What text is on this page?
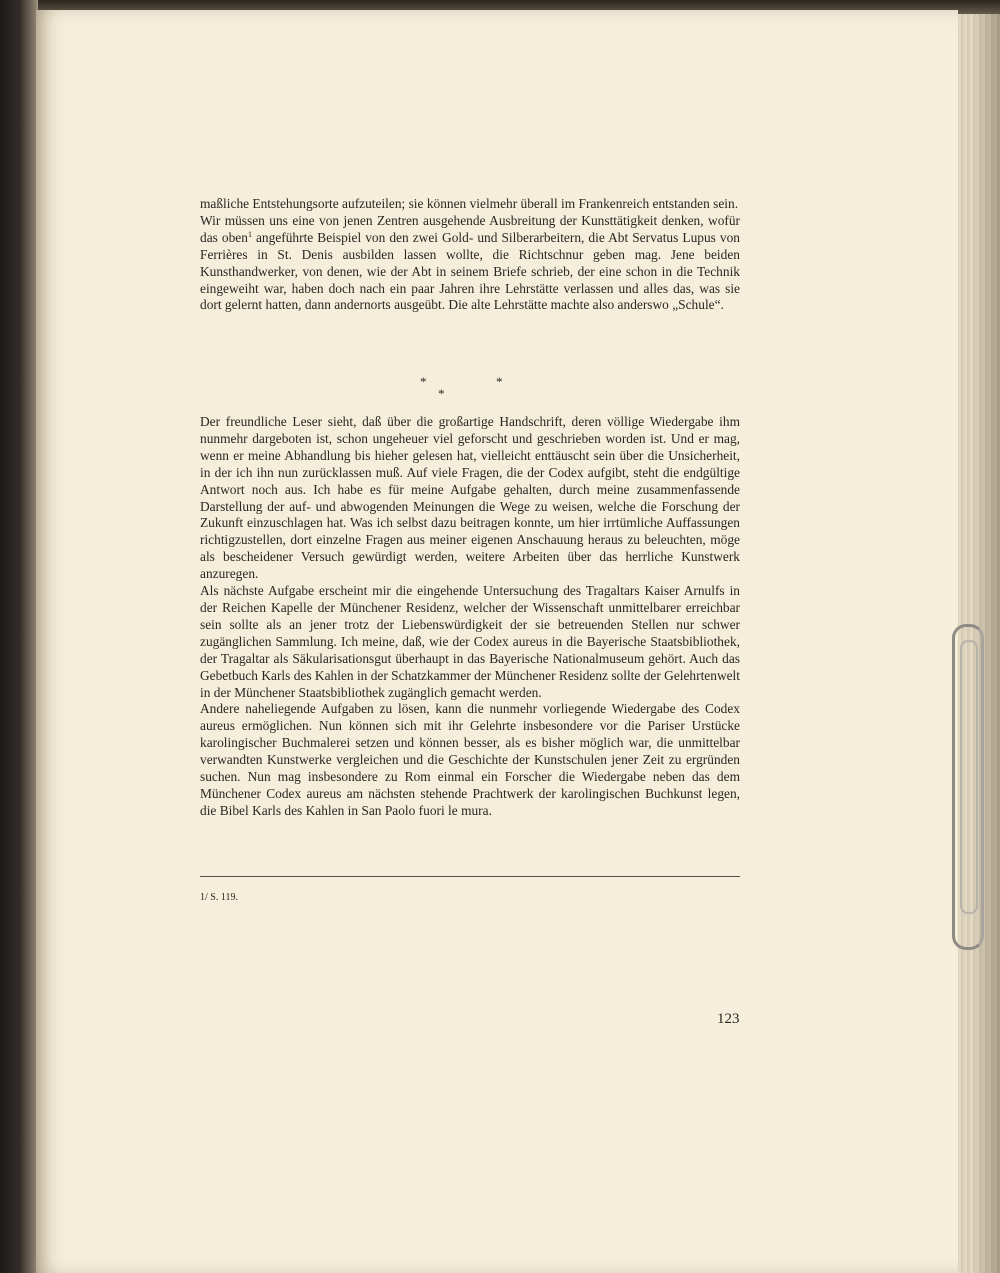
maßliche Entstehungsorte aufzuteilen; sie können vielmehr überall im Frankenreich entstanden sein.

Wir müssen uns eine von jenen Zentren ausgehende Ausbreitung der Kunsttätigkeit denken, wofür das oben$^1$ angeführte Beispiel von den zwei Gold- und Silberarbeitern, die Abt Servatus Lupus von Ferrières in St. Denis ausbilden lassen wollte, die Richtschnur geben mag. Jene beiden Kunsthandwerker, von denen, wie der Abt in seinem Briefe schrieb, der eine schon in die Technik eingeweiht war, haben doch nach ein paar Jahren ihre Lehrstätte verlassen und alles das, was sie dort gelernt hatten, dann andernorts ausgeübt. Die alte Lehrstätte machte also anderswo „Schule“.

*
*
*

Der freundliche Leser sieht, daß über die großartige Handschrift, deren völlige Wiedergabe ihm nunmehr dargeboten ist, schon ungeheuer viel geforscht und geschrieben worden ist. Und er mag, wenn er meine Abhandlung bis hieher gelesen hat, vielleicht enttäuscht sein über die Unsicherheit, in der ich ihn nun zurücklassen muß. Auf viele Fragen, die der Codex aufgibt, steht die endgültige Antwort noch aus. Ich habe es für meine Aufgabe gehalten, durch meine zusammenfassende Darstellung der auf- und abwogenden Meinungen die Wege zu weisen, welche die Forschung der Zukunft einzuschlagen hat. Was ich selbst dazu beitragen konnte, um hier irrtümliche Auffassungen richtigzustellen, dort einzelne Fragen aus meiner eigenen Anschauung heraus zu beleuchten, möge als bescheidener Versuch gewürdigt werden, weitere Arbeiten über das herrliche Kunstwerk anzuregen.

Als nächste Aufgabe erscheint mir die eingehende Untersuchung des Tragaltars Kaiser Arnulfs in der Reichen Kapelle der Münchener Residenz, welcher der Wissenschaft unmittelbarer erreichbar sein sollte als an jener trotz der Liebenswürdigkeit der sie betreuenden Stellen nur schwer zugänglichen Sammlung. Ich meine, daß, wie der Codex aureus in die Bayerische Staatsbibliothek, der Tragaltar als Säkularisationsgut überhaupt in das Bayerische Nationalmuseum gehört. Auch das Gebetbuch Karls des Kahlen in der Schatzkammer der Münchener Residenz sollte der Gelehrtenwelt in der Münchener Staatsbibliothek zugänglich gemacht werden.

Andere naheliegende Aufgaben zu lösen, kann die nunmehr vorliegende Wiedergabe des Codex aureus ermöglichen. Nun können sich mit ihr Gelehrte insbesondere vor die Pariser Urstücke karolingischer Buchmalerei setzen und können besser, als es bisher möglich war, die unmittelbar verwandten Kunstwerke vergleichen und die Geschichte der Kunstschulen jener Zeit zu ergründen suchen. Nun mag insbesondere zu Rom einmal ein Forscher die Wiedergabe neben das dem Münchener Codex aureus am nächsten stehende Prachtwerk der karolingischen Buchkunst legen, die Bibel Karls des Kahlen in San Paolo fuori le mura.

1/ S. 119.
123
